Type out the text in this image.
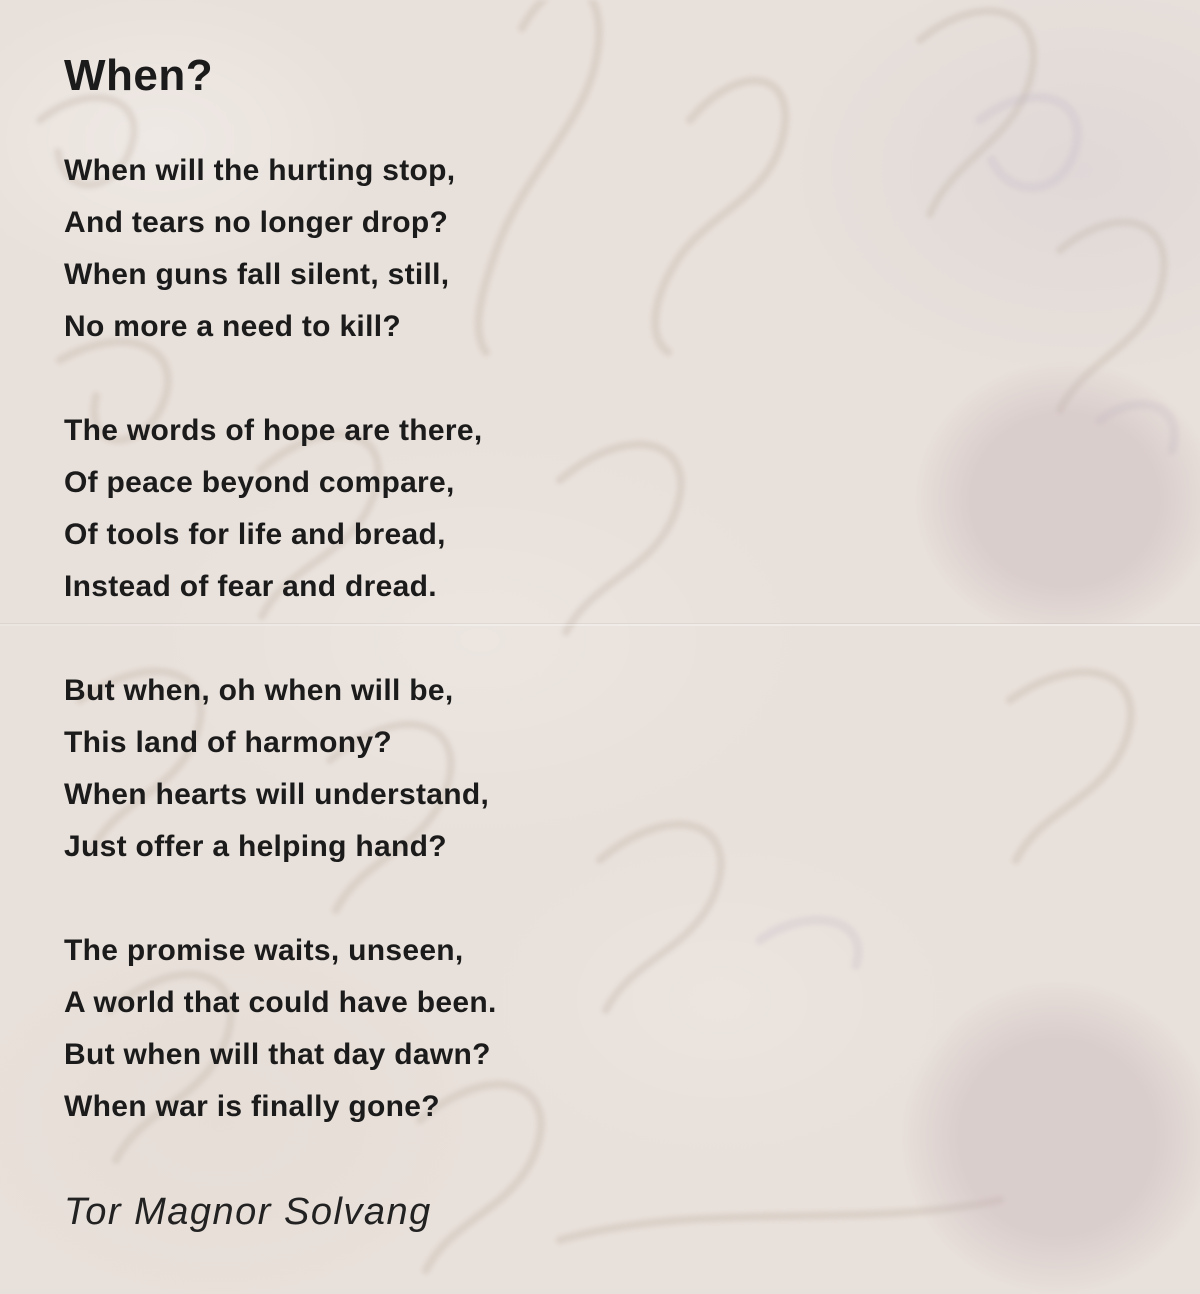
When?
When will the hurting stop,
And tears no longer drop?
When guns fall silent, still,
No more a need to kill?
The words of hope are there,
Of peace beyond compare,
Of tools for life and bread,
Instead of fear and dread.
But when, oh when will be,
This land of harmony?
When hearts will understand,
Just offer a helping hand?
The promise waits, unseen,
A world that could have been.
But when will that day dawn?
When war is finally gone?
Tor Magnor Solvang
